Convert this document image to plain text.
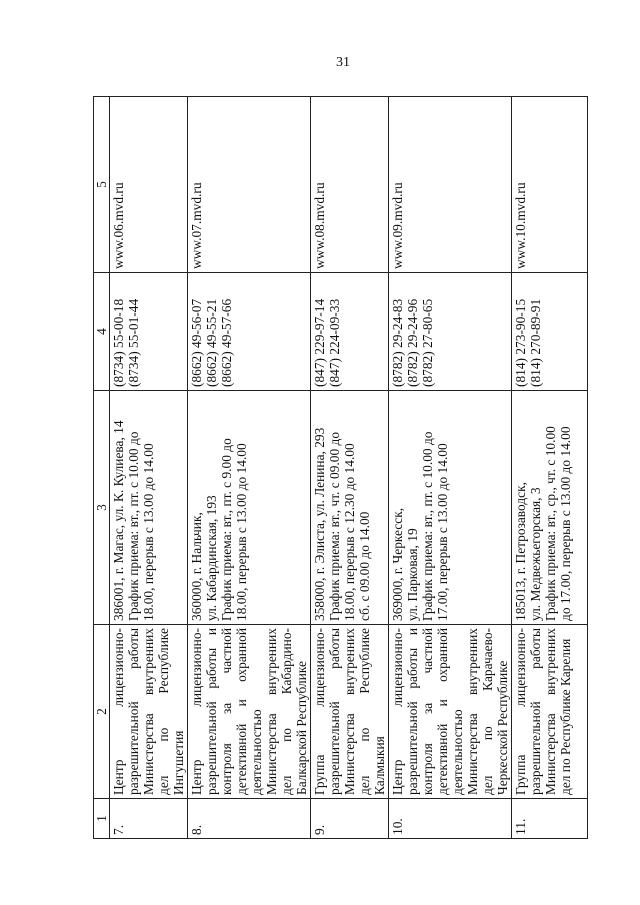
31
1	2	3	4	5
7.	Центр лицензионно-разрешительной работы Министерства внутренних дел по Республике Ингушетия	386001, г. Магас, ул. К. Кулиева, 14 График приема: вт., пт. с 10.00 до 18.00, перерыв с 13.00 до 14.00	(8734) 55-00-18 (8734) 55-01-44	www.06.mvd.ru
8.	Центр лицензионно-разрешительной работы и контроля за частной детективной и охранной деятельностью Министерства внутренних дел по Кабардино-Балкарской Республике	360000, г. Нальчик, ул. Кабардинская, 193 График приема: вт., пт. с 9.00 до 18.00, перерыв с 13.00 до 14.00	(8662) 49-56-07 (8662) 49-55-21 (8662) 49-57-66	www.07.mvd.ru
9.	Группа лицензионно-разрешительной работы Министерства внутренних дел по Республике Калмыкия	358000, г. Элиста, ул. Ленина, 293 График приема: вт., чт. с 09.00 до 18.00, перерыв с 12.30 до 14.00 сб. с 09.00 до 14.00	(847) 229-97-14 (847) 224-09-33	www.08.mvd.ru
10.	Центр лицензионно-разрешительной работы и контроля за частной детективной и охранной деятельностью Министерства внутренних дел по Карачаево-Черкесской Республике	369000, г. Черкесск, ул. Парковая, 19 График приема: вт., пт. с 10.00 до 17.00, перерыв с 13.00 до 14.00	(8782) 29-24-83 (8782) 29-24-96 (8782) 27-80-65	www.09.mvd.ru
11.	Группа лицензионно-разрешительной работы Министерства внутренних дел по Республике Карелия	185013, г. Петрозаводск, ул. Медвежьегорская, 3 График приема: вт., ср., чт. с 10.00 до 17.00, перерыв с 13.00 до 14.00	(814) 273-90-15 (814) 270-89-91	www.10.mvd.ru
